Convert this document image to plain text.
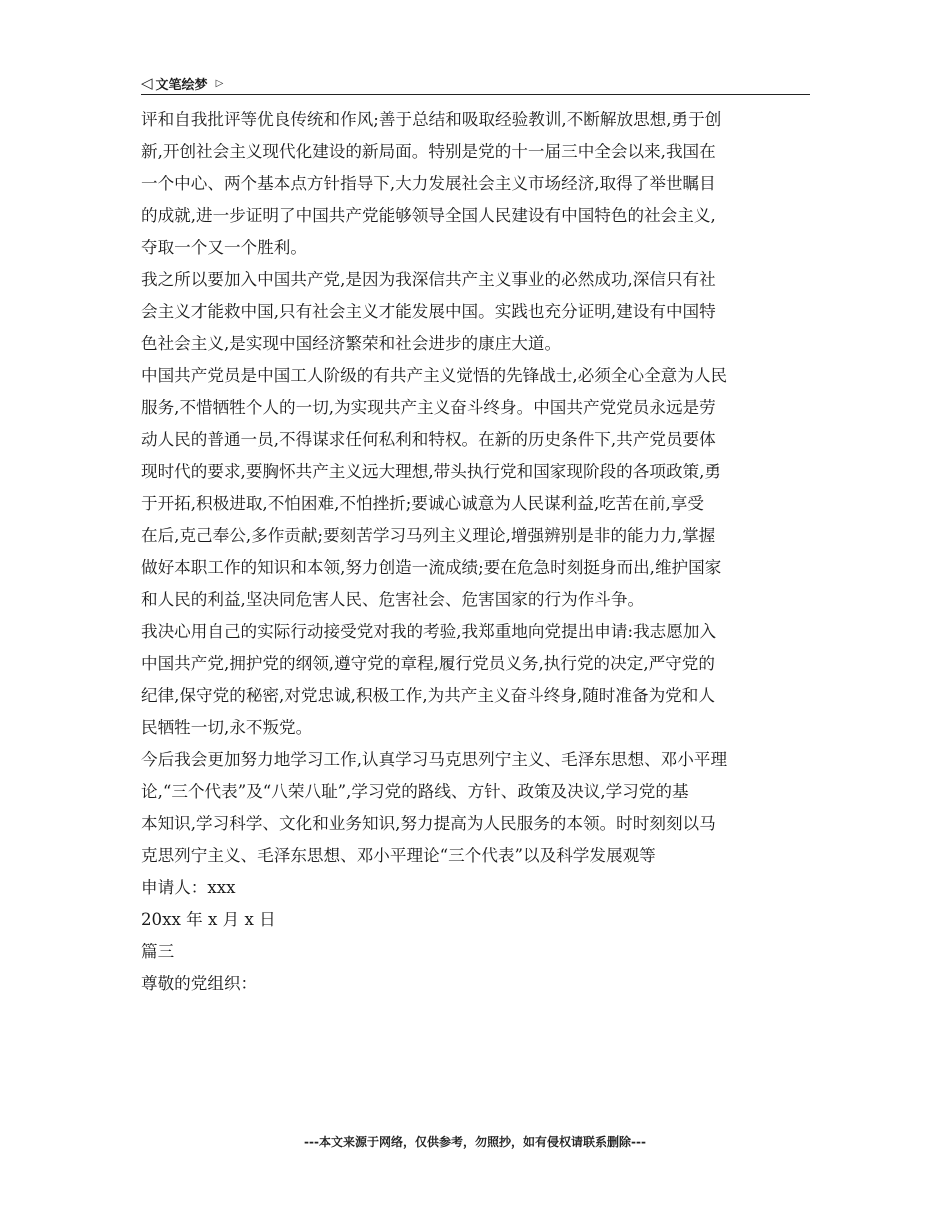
◁ 文笔绘梦 ▷
评和自我批评等优良传统和作风;善于总结和吸取经验教训,不断解放思想,勇于创
新,开创社会主义现代化建设的新局面。特别是党的十一届三中全会以来,我国在
一个中心、两个基本点方针指导下,大力发展社会主义市场经济,取得了举世瞩目
的成就,进一步证明了中国共产党能够领导全国人民建设有中国特色的社会主义,
夺取一个又一个胜利。
我之所以要加入中国共产党,是因为我深信共产主义事业的必然成功,深信只有社
会主义才能救中国,只有社会主义才能发展中国。实践也充分证明,建设有中国特
色社会主义,是实现中国经济繁荣和社会进步的康庄大道。
中国共产党员是中国工人阶级的有共产主义觉悟的先锋战士,必须全心全意为人民
服务,不惜牺牲个人的一切,为实现共产主义奋斗终身。中国共产党党员永远是劳
动人民的普通一员,不得谋求任何私利和特权。在新的历史条件下,共产党员要体
现时代的要求,要胸怀共产主义远大理想,带头执行党和国家现阶段的各项政策,勇
于开拓,积极进取,不怕困难,不怕挫折;要诚心诚意为人民谋利益,吃苦在前,享受
在后,克己奉公,多作贡献;要刻苦学习马列主义理论,增强辨别是非的能力力,掌握
做好本职工作的知识和本领,努力创造一流成绩;要在危急时刻挺身而出,维护国家
和人民的利益,坚决同危害人民、危害社会、危害国家的行为作斗争。
我决心用自己的实际行动接受党对我的考验,我郑重地向党提出申请:我志愿加入
中国共产党,拥护党的纲领,遵守党的章程,履行党员义务,执行党的决定,严守党的
纪律,保守党的秘密,对党忠诚,积极工作,为共产主义奋斗终身,随时准备为党和人
民牺牲一切,永不叛党。
今后我会更加努力地学习工作,认真学习马克思列宁主义、毛泽东思想、邓小平理
论,“三个代表”及“八荣八耻”,学习党的路线、方针、政策及决议,学习党的基
本知识,学习科学、文化和业务知识,努力提高为人民服务的本领。时时刻刻以马
克思列宁主义、毛泽东思想、邓小平理论“三个代表”以及科学发展观等
申请人：xxx
20xx 年 x 月 x 日
篇三
尊敬的党组织：
---本文来源于网络，仅供参考，勿照抄，如有侵权请联系删除---
